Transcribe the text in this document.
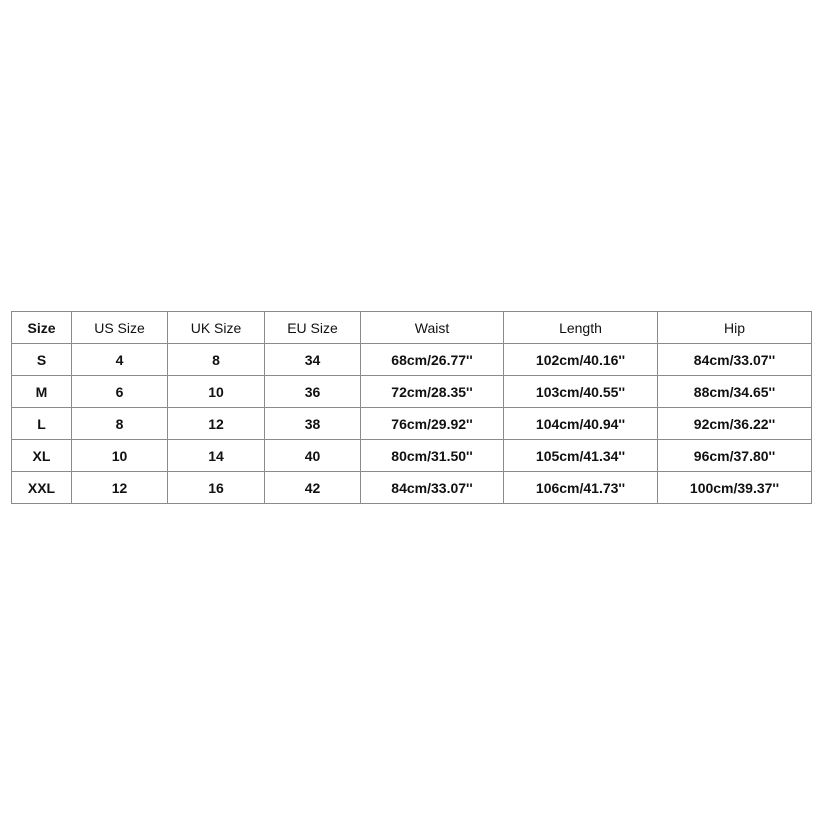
Size	US Size	UK Size	EU Size	Waist	Length	Hip
S	4	8	34	68cm/26.77''	102cm/40.16''	84cm/33.07''
M	6	10	36	72cm/28.35''	103cm/40.55''	88cm/34.65''
L	8	12	38	76cm/29.92''	104cm/40.94''	92cm/36.22''
XL	10	14	40	80cm/31.50''	105cm/41.34''	96cm/37.80''
XXL	12	16	42	84cm/33.07''	106cm/41.73''	100cm/39.37''
